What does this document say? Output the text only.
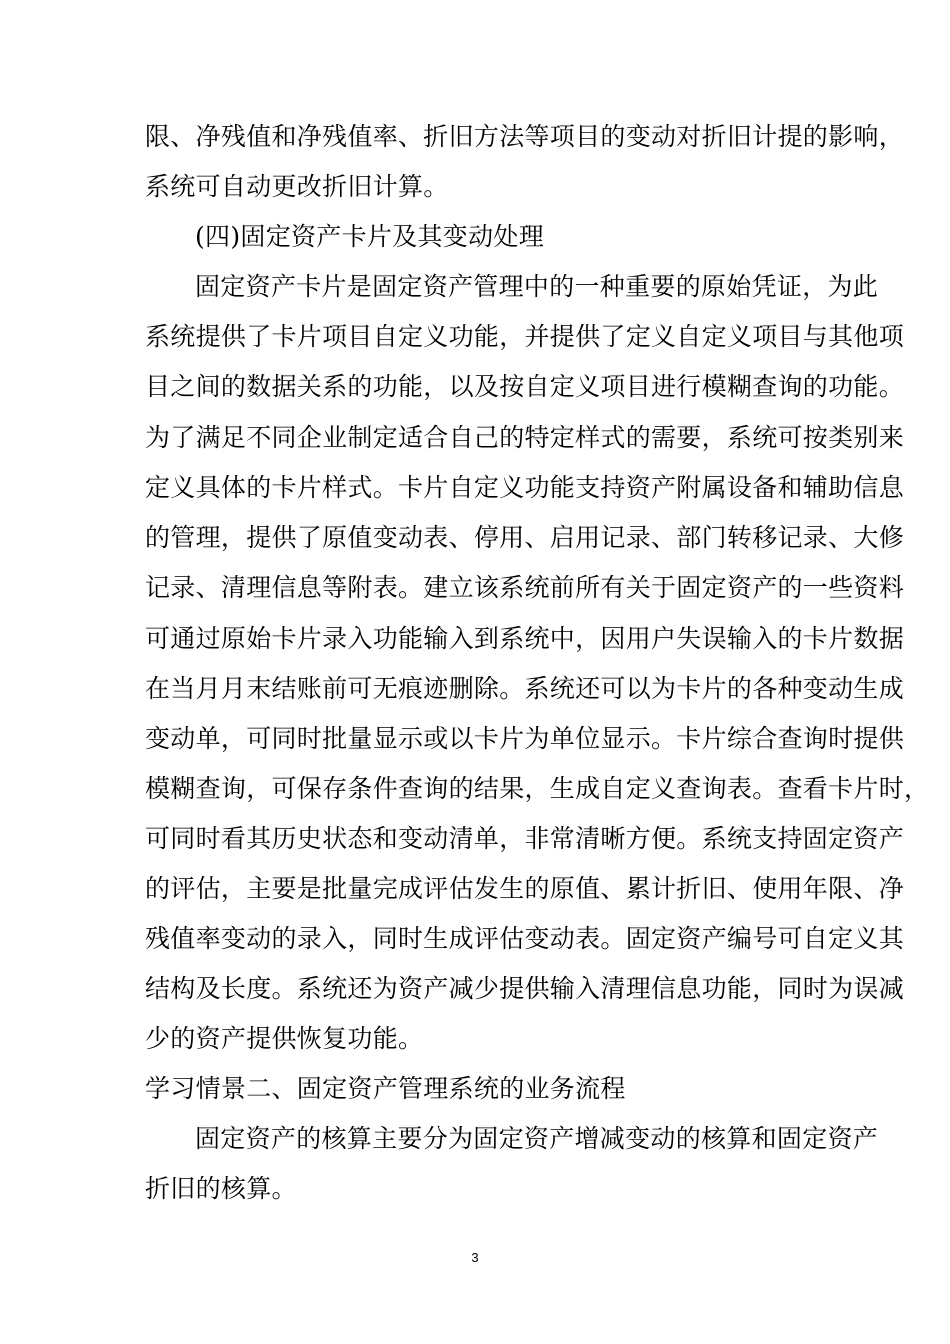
限、净残值和净残值率、折旧方法等项目的变动对折旧计提的影响，
系统可自动更改折旧计算。
(四)固定资产卡片及其变动处理
固定资产卡片是固定资产管理中的一种重要的原始凭证，为此
系统提供了卡片项目自定义功能，并提供了定义自定义项目与其他项
目之间的数据关系的功能，以及按自定义项目进行模糊查询的功能。
为了满足不同企业制定适合自己的特定样式的需要，系统可按类别来
定义具体的卡片样式。卡片自定义功能支持资产附属设备和辅助信息
的管理，提供了原值变动表、停用、启用记录、部门转移记录、大修
记录、清理信息等附表。建立该系统前所有关于固定资产的一些资料
可通过原始卡片录入功能输入到系统中，因用户失误输入的卡片数据
在当月月末结账前可无痕迹删除。系统还可以为卡片的各种变动生成
变动单，可同时批量显示或以卡片为单位显示。卡片综合查询时提供
模糊查询，可保存条件查询的结果，生成自定义查询表。查看卡片时，
可同时看其历史状态和变动清单，非常清晰方便。系统支持固定资产
的评估，主要是批量完成评估发生的原值、累计折旧、使用年限、净
残值率变动的录入，同时生成评估变动表。固定资产编号可自定义其
结构及长度。系统还为资产减少提供输入清理信息功能，同时为误减
少的资产提供恢复功能。
学习情景二、固定资产管理系统的业务流程
固定资产的核算主要分为固定资产增减变动的核算和固定资产
折旧的核算。
3
